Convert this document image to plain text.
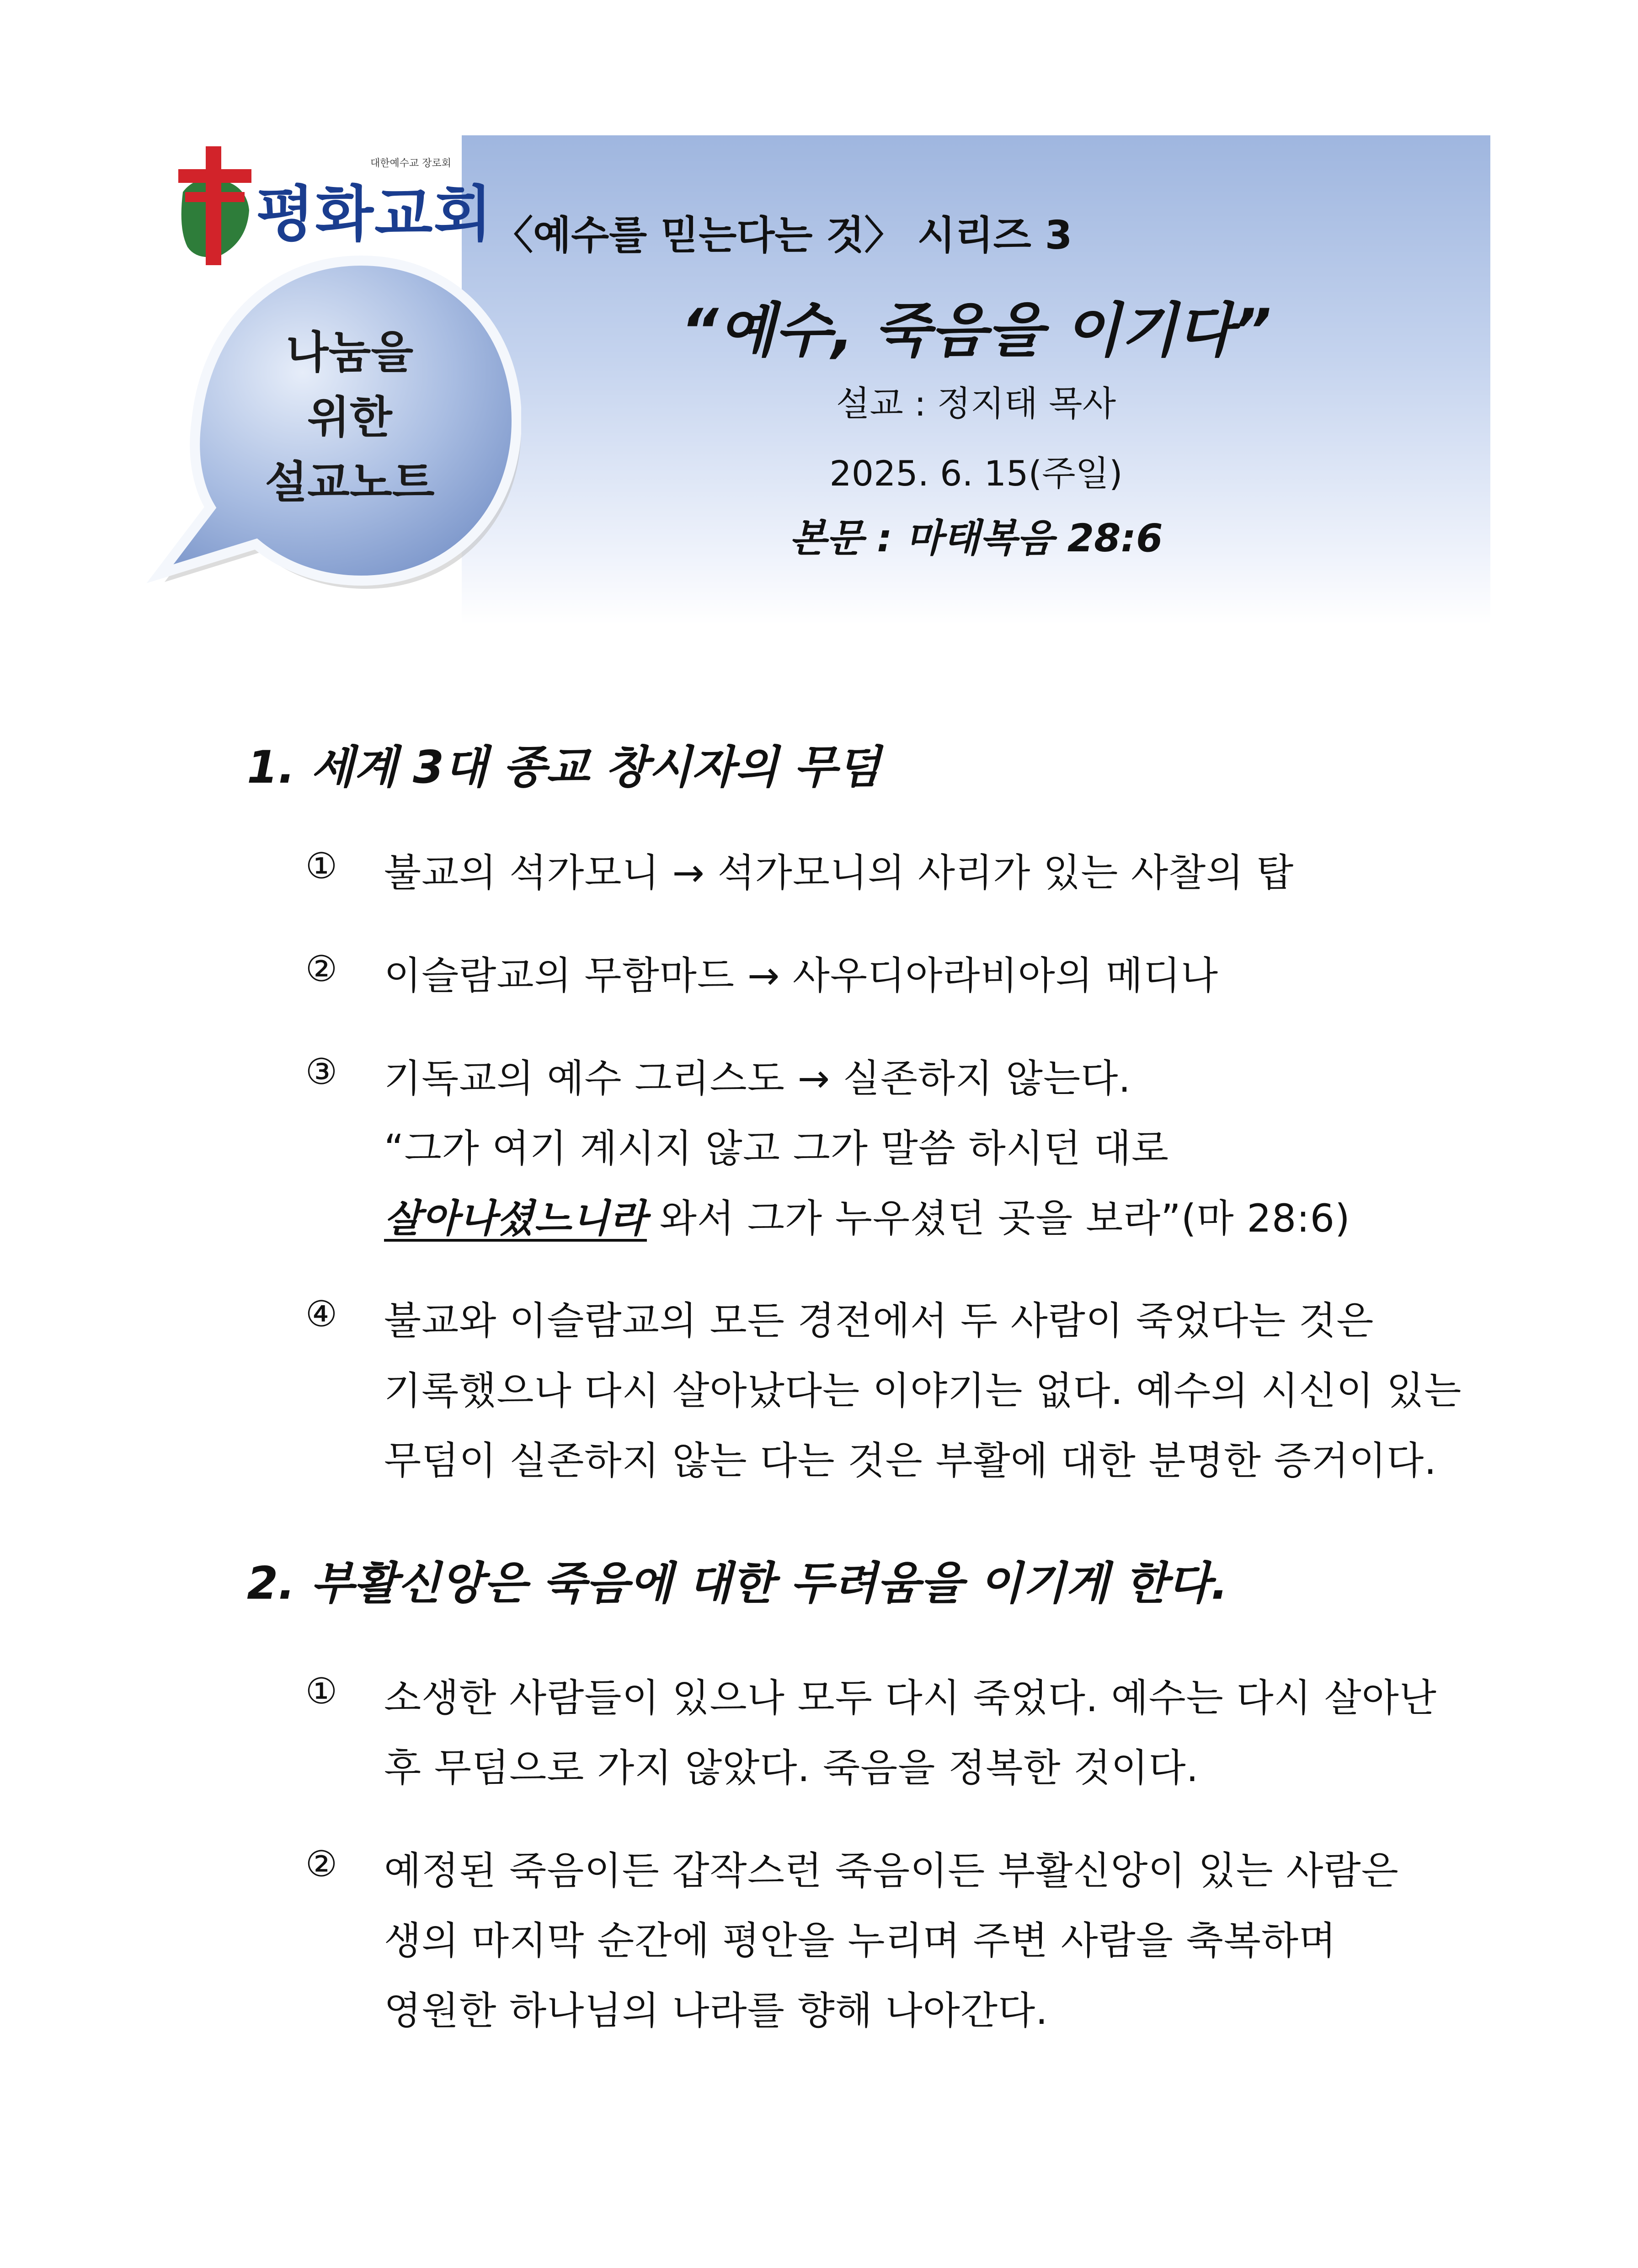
대한예수교 장로회
평화교회
나눔을
위한
설교노트
〈예수를 믿는다는 것〉 시리즈 3
“예수, 죽음을 이기다”
설교 : 정지태 목사
2025. 6. 15(주일)
본문 : 마태복음 28:6
1. 세계 3대 종교 창시자의 무덤
① 불교의 석가모니 → 석가모니의 사리가 있는 사찰의 탑
② 이슬람교의 무함마드 → 사우디아라비아의 메디나
③ 기독교의 예수 그리스도 → 실존하지 않는다.
“그가 여기 계시지 않고 그가 말씀 하시던 대로
살아나셨느니라 와서 그가 누우셨던 곳을 보라”(마 28:6)
④ 불교와 이슬람교의 모든 경전에서 두 사람이 죽었다는 것은
기록했으나 다시 살아났다는 이야기는 없다. 예수의 시신이 있는
무덤이 실존하지 않는 다는 것은 부활에 대한 분명한 증거이다.
2. 부활신앙은 죽음에 대한 두려움을 이기게 한다.
① 소생한 사람들이 있으나 모두 다시 죽었다. 예수는 다시 살아난
후 무덤으로 가지 않았다. 죽음을 정복한 것이다.
② 예정된 죽음이든 갑작스런 죽음이든 부활신앙이 있는 사람은
생의 마지막 순간에 평안을 누리며 주변 사람을 축복하며
영원한 하나님의 나라를 향해 나아간다.
